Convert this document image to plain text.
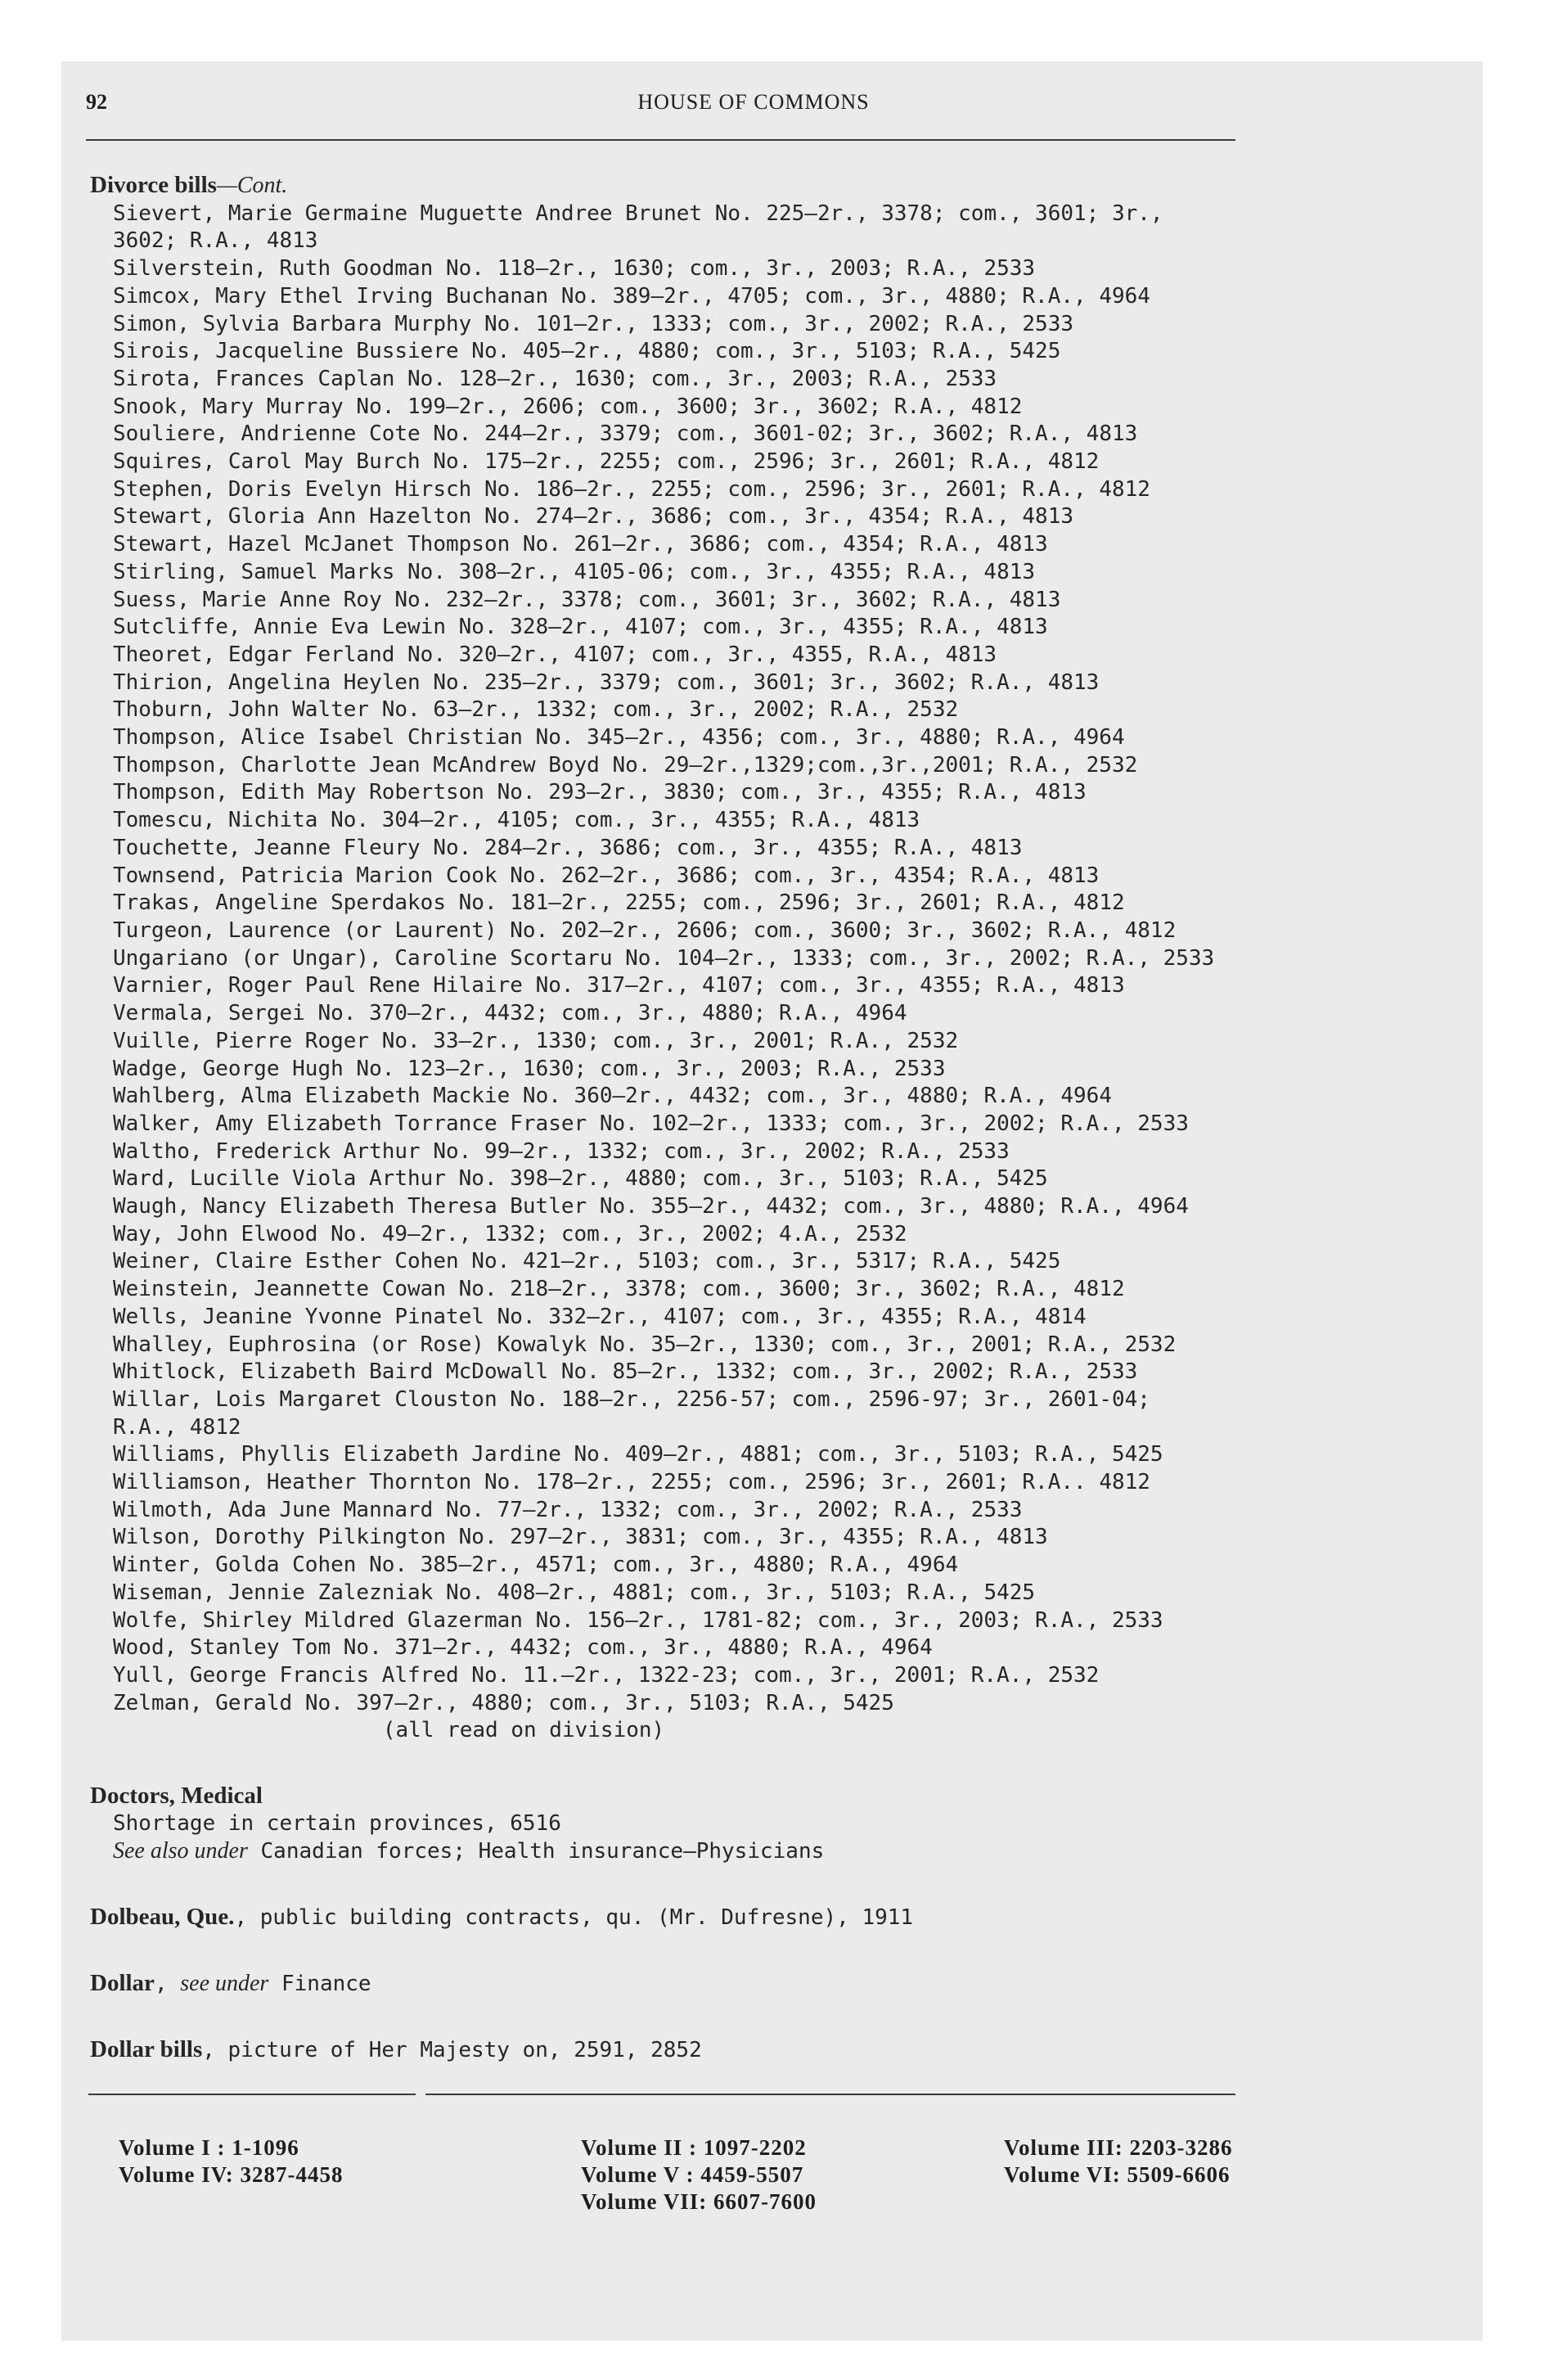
92	HOUSE OF COMMONS
Divorce bills—Cont.
Sievert, Marie Germaine Muguette Andree Brunet No. 225–2r., 3378; com., 3601; 3r.,
3602; R.A., 4813
Silverstein, Ruth Goodman No. 118–2r., 1630; com., 3r., 2003; R.A., 2533
Simcox, Mary Ethel Irving Buchanan No. 389–2r., 4705; com., 3r., 4880; R.A., 4964
Simon, Sylvia Barbara Murphy No. 101–2r., 1333; com., 3r., 2002; R.A., 2533
Sirois, Jacqueline Bussiere No. 405–2r., 4880; com., 3r., 5103; R.A., 5425
Sirota, Frances Caplan No. 128–2r., 1630; com., 3r., 2003; R.A., 2533
Snook, Mary Murray No. 199–2r., 2606; com., 3600; 3r., 3602; R.A., 4812
Souliere, Andrienne Cote No. 244–2r., 3379; com., 3601-02; 3r., 3602; R.A., 4813
Squires, Carol May Burch No. 175–2r., 2255; com., 2596; 3r., 2601; R.A., 4812
Stephen, Doris Evelyn Hirsch No. 186–2r., 2255; com., 2596; 3r., 2601; R.A., 4812
Stewart, Gloria Ann Hazelton No. 274–2r., 3686; com., 3r., 4354; R.A., 4813
Stewart, Hazel McJanet Thompson No. 261–2r., 3686; com., 4354; R.A., 4813
Stirling, Samuel Marks No. 308–2r., 4105-06; com., 3r., 4355; R.A., 4813
Suess, Marie Anne Roy No. 232–2r., 3378; com., 3601; 3r., 3602; R.A., 4813
Sutcliffe, Annie Eva Lewin No. 328–2r., 4107; com., 3r., 4355; R.A., 4813
Theoret, Edgar Ferland No. 320–2r., 4107; com., 3r., 4355, R.A., 4813
Thirion, Angelina Heylen No. 235–2r., 3379; com., 3601; 3r., 3602; R.A., 4813
Thoburn, John Walter No. 63–2r., 1332; com., 3r., 2002; R.A., 2532
Thompson, Alice Isabel Christian No. 345–2r., 4356; com., 3r., 4880; R.A., 4964
Thompson, Charlotte Jean McAndrew Boyd No. 29–2r.,1329;com.,3r.,2001; R.A., 2532
Thompson, Edith May Robertson No. 293–2r., 3830; com., 3r., 4355; R.A., 4813
Tomescu, Nichita No. 304–2r., 4105; com., 3r., 4355; R.A., 4813
Touchette, Jeanne Fleury No. 284–2r., 3686; com., 3r., 4355; R.A., 4813
Townsend, Patricia Marion Cook No. 262–2r., 3686; com., 3r., 4354; R.A., 4813
Trakas, Angeline Sperdakos No. 181–2r., 2255; com., 2596; 3r., 2601; R.A., 4812
Turgeon, Laurence (or Laurent) No. 202–2r., 2606; com., 3600; 3r., 3602; R.A., 4812
Ungariano (or Ungar), Caroline Scortaru No. 104–2r., 1333; com., 3r., 2002; R.A., 2533
Varnier, Roger Paul Rene Hilaire No. 317–2r., 4107; com., 3r., 4355; R.A., 4813
Vermala, Sergei No. 370–2r., 4432; com., 3r., 4880; R.A., 4964
Vuille, Pierre Roger No. 33–2r., 1330; com., 3r., 2001; R.A., 2532
Wadge, George Hugh No. 123–2r., 1630; com., 3r., 2003; R.A., 2533
Wahlberg, Alma Elizabeth Mackie No. 360–2r., 4432; com., 3r., 4880; R.A., 4964
Walker, Amy Elizabeth Torrance Fraser No. 102–2r., 1333; com., 3r., 2002; R.A., 2533
Waltho, Frederick Arthur No. 99–2r., 1332; com., 3r., 2002; R.A., 2533
Ward, Lucille Viola Arthur No. 398–2r., 4880; com., 3r., 5103; R.A., 5425
Waugh, Nancy Elizabeth Theresa Butler No. 355–2r., 4432; com., 3r., 4880; R.A., 4964
Way, John Elwood No. 49–2r., 1332; com., 3r., 2002; 4.A., 2532
Weiner, Claire Esther Cohen No. 421–2r., 5103; com., 3r., 5317; R.A., 5425
Weinstein, Jeannette Cowan No. 218–2r., 3378; com., 3600; 3r., 3602; R.A., 4812
Wells, Jeanine Yvonne Pinatel No. 332–2r., 4107; com., 3r., 4355; R.A., 4814
Whalley, Euphrosina (or Rose) Kowalyk No. 35–2r., 1330; com., 3r., 2001; R.A., 2532
Whitlock, Elizabeth Baird McDowall No. 85–2r., 1332; com., 3r., 2002; R.A., 2533
Willar, Lois Margaret Clouston No. 188–2r., 2256-57; com., 2596-97; 3r., 2601-04;
R.A., 4812
Williams, Phyllis Elizabeth Jardine No. 409–2r., 4881; com., 3r., 5103; R.A., 5425
Williamson, Heather Thornton No. 178–2r., 2255; com., 2596; 3r., 2601; R.A.. 4812
Wilmoth, Ada June Mannard No. 77–2r., 1332; com., 3r., 2002; R.A., 2533
Wilson, Dorothy Pilkington No. 297–2r., 3831; com., 3r., 4355; R.A., 4813
Winter, Golda Cohen No. 385–2r., 4571; com., 3r., 4880; R.A., 4964
Wiseman, Jennie Zalezniak No. 408–2r., 4881; com., 3r., 5103; R.A., 5425
Wolfe, Shirley Mildred Glazerman No. 156–2r., 1781-82; com., 3r., 2003; R.A., 2533
Wood, Stanley Tom No. 371–2r., 4432; com., 3r., 4880; R.A., 4964
Yull, George Francis Alfred No. 11.–2r., 1322-23; com., 3r., 2001; R.A., 2532
Zelman, Gerald No. 397–2r., 4880; com., 3r., 5103; R.A., 5425
(all read on division)
Doctors, Medical
Shortage in certain provinces, 6516
See also under Canadian forces; Health insurance–Physicians
Dolbeau, Que., public building contracts, qu. (Mr. Dufresne), 1911
Dollar, see under Finance
Dollar bills, picture of Her Majesty on, 2591, 2852
Volume I : 1-1096
Volume IV: 3287-4458
Volume II : 1097-2202
Volume V : 4459-5507
Volume VII: 6607-7600
Volume III: 2203-3286
Volume VI: 5509-6606
